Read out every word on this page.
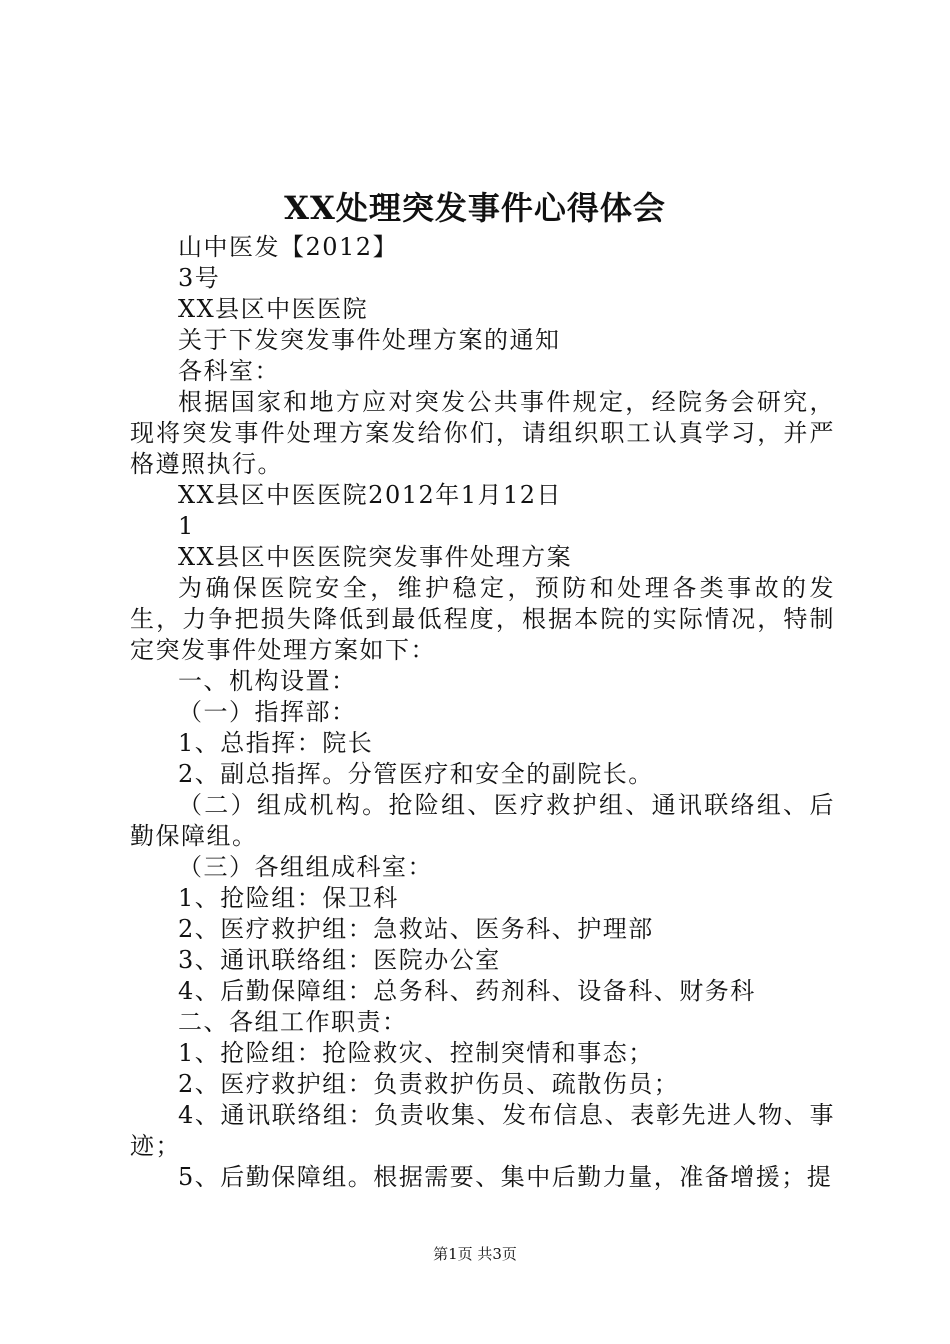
XX处理突发事件心得体会

山中医发【2012】

3号

XX县区中医医院

关于下发突发事件处理方案的通知

各科室：

根据国家和地方应对突发公共事件规定，经院务会研究，现将突发事件处理方案发给你们，请组织职工认真学习，并严格遵照执行。

XX县区中医医院2012年1月12日

1

XX县区中医医院突发事件处理方案

为确保医院安全，维护稳定，预防和处理各类事故的发生，力争把损失降低到最低程度，根据本院的实际情况，特制定突发事件处理方案如下：

一、机构设置：

（一）指挥部：

1、总指挥：院长

2、副总指挥。分管医疗和安全的副院长。

（二）组成机构。抢险组、医疗救护组、通讯联络组、后勤保障组。

（三）各组组成科室：

1、抢险组：保卫科

2、医疗救护组：急救站、医务科、护理部

3、通讯联络组：医院办公室

4、后勤保障组：总务科、药剂科、设备科、财务科

二、各组工作职责：

1、抢险组：抢险救灾、控制突情和事态；

2、医疗救护组：负责救护伤员、疏散伤员；

4、通讯联络组：负责收集、发布信息、表彰先进人物、事迹；

5、后勤保障组。根据需要、集中后勤力量，准备增援；提

第1页 共3页
